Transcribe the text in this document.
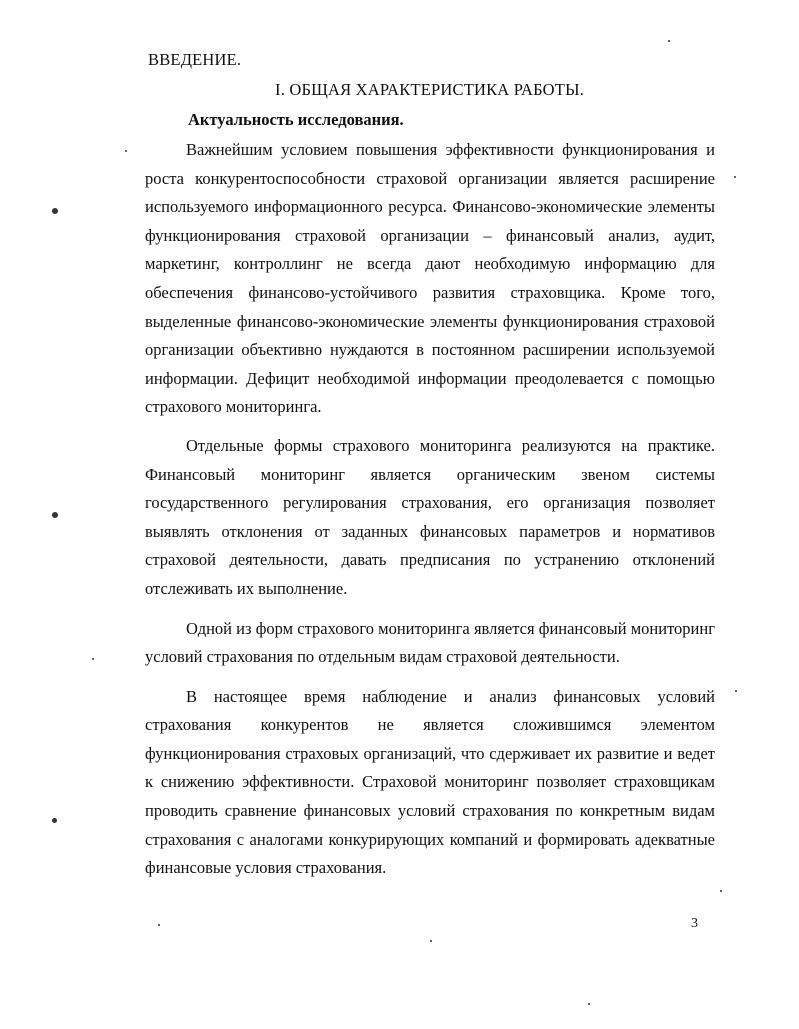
ВВЕДЕНИЕ.
I. ОБЩАЯ ХАРАКТЕРИСТИКА РАБОТЫ.
Актуальность исследования.

Важнейшим условием повышения эффективности функционирования и роста конкурентоспособности страховой организации является расширение используемого информационного ресурса. Финансово-экономические элементы функционирования страховой организации – финансовый анализ, аудит, маркетинг, контроллинг не всегда дают необходимую информацию для обеспечения финансово-устойчивого развития страховщика. Кроме того, выделенные финансово-экономические элементы функционирования страховой организации объективно нуждаются в постоянном расширении используемой информации. Дефицит необходимой информации преодолевается с помощью страхового мониторинга.

Отдельные формы страхового мониторинга реализуются на практике. Финансовый мониторинг является органическим звеном системы государственного регулирования страхования, его организация позволяет выявлять отклонения от заданных финансовых параметров и нормативов страховой деятельности, давать предписания по устранению отклонений отслеживать их выполнение.

Одной из форм страхового мониторинга является финансовый мониторинг условий страхования по отдельным видам страховой деятельности.

В настоящее время наблюдение и анализ финансовых условий страхования конкурентов не является сложившимся элементом функционирования страховых организаций, что сдерживает их развитие и ведет к снижению эффективности. Страховой мониторинг позволяет страховщикам проводить сравнение финансовых условий страхования по конкретным видам страхования с аналогами конкурирующих компаний и формировать адекватные финансовые условия страхования.

3
